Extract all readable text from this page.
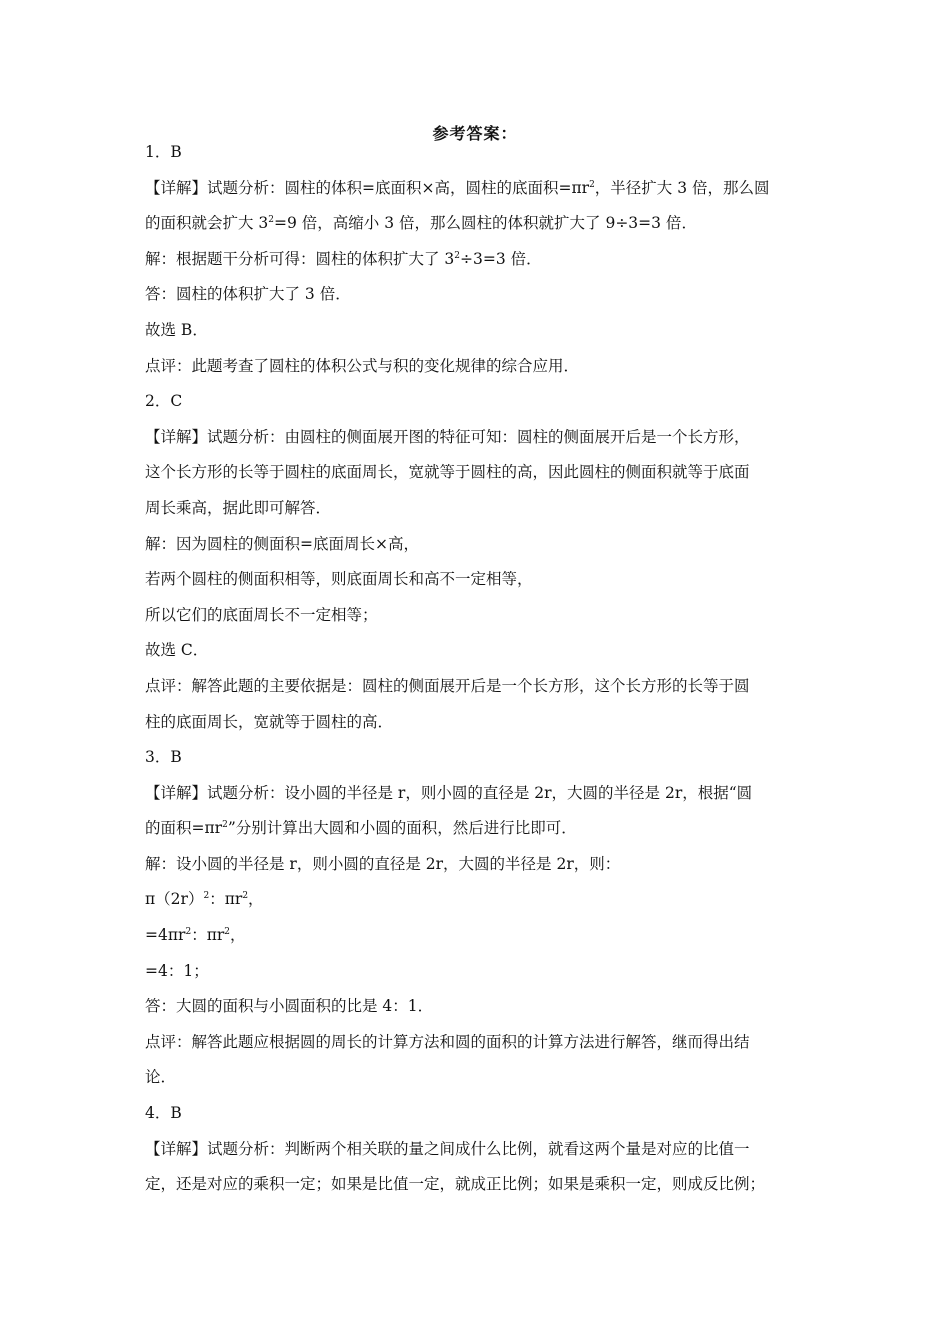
参考答案：
1．B
【详解】试题分析：圆柱的体积=底面积×高，圆柱的底面积$=\pi r^2$，半径扩大 3 倍，那么圆
的面积就会扩大 $3^2=9$ 倍，高缩小 3 倍，那么圆柱的体积就扩大了 9÷3=3 倍．
解：根据题干分析可得：圆柱的体积扩大了 $3^2\div 3=3$ 倍．
答：圆柱的体积扩大了 3 倍．
故选 B．
点评：此题考查了圆柱的体积公式与积的变化规律的综合应用．
2．C
【详解】试题分析：由圆柱的侧面展开图的特征可知：圆柱的侧面展开后是一个长方形，
这个长方形的长等于圆柱的底面周长，宽就等于圆柱的高，因此圆柱的侧面积就等于底面
周长乘高，据此即可解答．
解：因为圆柱的侧面积=底面周长×高，
若两个圆柱的侧面积相等，则底面周长和高不一定相等，
所以它们的底面周长不一定相等；
故选 C．
点评：解答此题的主要依据是：圆柱的侧面展开后是一个长方形，这个长方形的长等于圆
柱的底面周长，宽就等于圆柱的高．
3．B
【详解】试题分析：设小圆的半径是 r，则小圆的直径是 2r，大圆的半径是 2r，根据“圆
的面积$=\pi r^2$”分别计算出大圆和小圆的面积，然后进行比即可．
解：设小圆的半径是 r，则小圆的直径是 2r，大圆的半径是 2r，则：
$\pi(2r)^2$：$\pi r^2$，
$=4\pi r^2$：$\pi r^2$，
=4：1；
答：大圆的面积与小圆面积的比是 4：1．
点评：解答此题应根据圆的周长的计算方法和圆的面积的计算方法进行解答，继而得出结
论．
4．B
【详解】试题分析：判断两个相关联的量之间成什么比例，就看这两个量是对应的比值一
定，还是对应的乘积一定；如果是比值一定，就成正比例；如果是乘积一定，则成反比例；
